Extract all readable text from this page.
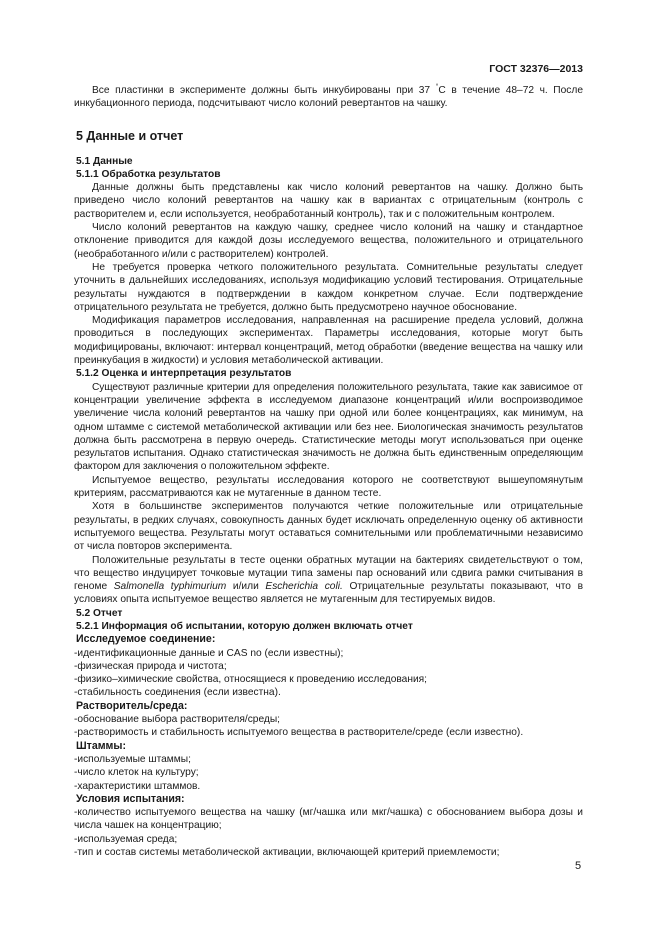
ГОСТ 32376—2013

Все пластинки в эксперименте должны быть инкубированы при 37 °С в течение 48–72 ч. После инкубационного периода, подсчитывают число колоний ревертантов на чашку.

5 Данные и отчет

5.1 Данные

5.1.1 Обработка результатов

Данные должны быть представлены как число колоний ревертантов на чашку. Должно быть приведено число колоний ревертантов на чашку как в вариантах с отрицательным (контроль с растворителем и, если используется, необработанный контроль), так и с положительным контролем.

Число колоний ревертантов на каждую чашку, среднее число колоний на чашку и стандартное отклонение приводится для каждой дозы исследуемого вещества, положительного и отрицательного (необработанного и/или с растворителем) контролей.

Не требуется проверка четкого положительного результата. Сомнительные результаты следует уточнить в дальнейших исследованиях, используя модификацию условий тестирования. Отрицательные результаты нуждаются в подтверждении в каждом конкретном случае. Если подтверждение отрицательного результата не требуется, должно быть предусмотрено научное обоснование.

Модификация параметров исследования, направленная на расширение предела условий, должна проводиться в последующих экспериментах. Параметры исследования, которые могут быть модифицированы, включают: интервал концентраций, метод обработки (введение вещества на чашку или преинкубация в жидкости) и условия метаболической активации.

5.1.2 Оценка и интерпретация результатов

Существуют различные критерии для определения положительного результата, такие как зависимое от концентрации увеличение эффекта в исследуемом диапазоне концентраций и/или воспроизводимое увеличение числа колоний ревертантов на чашку при одной или более концентрациях, как минимум, на одном штамме с системой метаболической активации или без нее. Биологическая значимость результатов должна быть рассмотрена в первую очередь. Статистические методы могут использоваться при оценке результатов испытания. Однако статистическая значимость не должна быть единственным определяющим фактором для заключения о положительном эффекте.

Испытуемое вещество, результаты исследования которого не соответствуют вышеупомянутым критериям, рассматриваются как не мутагенные в данном тесте.

Хотя в большинстве экспериментов получаются четкие положительные или отрицательные результаты, в редких случаях, совокупность данных будет исключать определенную оценку об активности испытуемого вещества. Результаты могут оставаться сомнительными или проблематичными независимо от числа повторов эксперимента.

Положительные результаты в тесте оценки обратных мутации на бактериях свидетельствуют о том, что вещество индуцирует точковые мутации типа замены пар оснований или сдвига рамки считывания в геноме Salmonella typhimurium и/или Escherichia coli. Отрицательные результаты показывают, что в условиях опыта испытуемое вещество является не мутагенным для тестируемых видов.

5.2 Отчет

5.2.1 Информация об испытании, которую должен включать отчет

Исследуемое соединение:

-идентификационные данные и CAS no (если известны);

-физическая природа и чистота;

-физико–химические свойства, относящиеся к проведению исследования;

-стабильность соединения (если известна).

Растворитель/среда:

-обоснование выбора растворителя/среды;

-растворимость и стабильность испытуемого вещества в растворителе/среде (если известно).

Штаммы:

-используемые штаммы;

-число клеток на культуру;

-характеристики штаммов.

Условия испытания:

-количество испытуемого вещества на чашку (мг/чашка или мкг/чашка) с обоснованием выбора дозы и числа чашек на концентрацию;

-используемая среда;

-тип и состав системы метаболической активации, включающей критерий приемлемости;

5
